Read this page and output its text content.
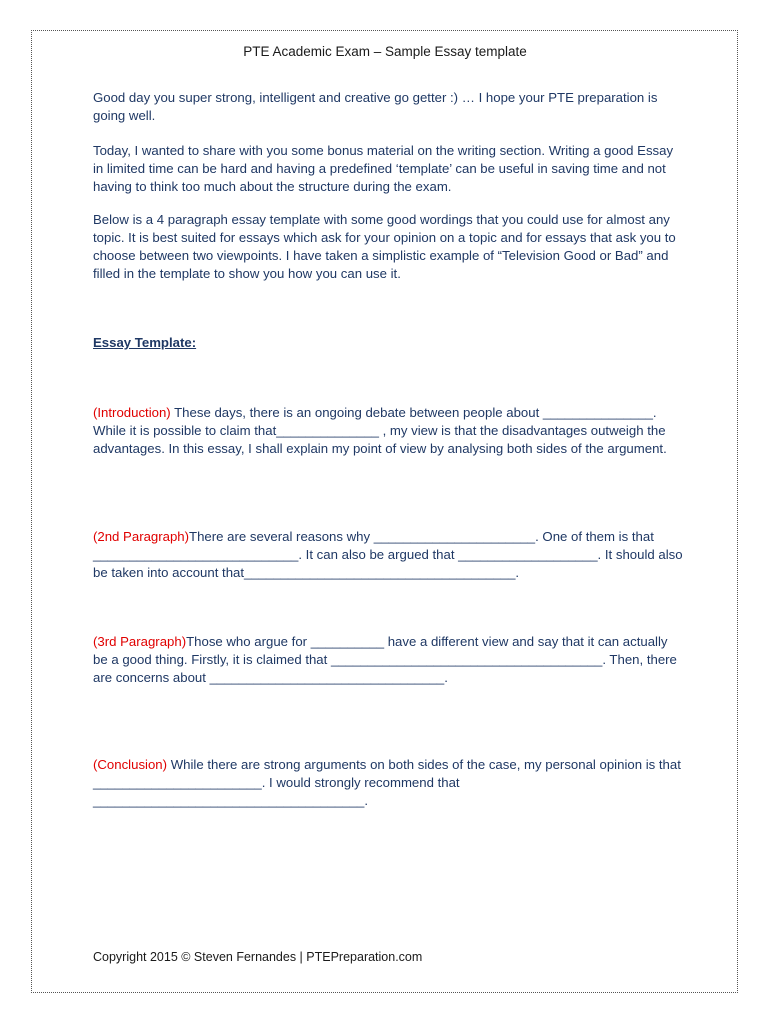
PTE Academic Exam – Sample Essay template

Good day you super strong, intelligent and creative go getter :) … I hope your PTE preparation is going well.

Today, I wanted to share with you some bonus material on the writing section. Writing a good Essay in limited time can be hard and having a predefined ‘template’ can be useful in saving time and not having to think too much about the structure during the exam.

Below is a 4 paragraph essay template with some good wordings that you could use for almost any topic. It is best suited for essays which ask for your opinion on a topic and for essays that ask you to choose between two viewpoints. I have taken a simplistic example of “Television Good or Bad” and filled in the template to show you how you can use it.

Essay Template:

(Introduction) These days, there is an ongoing debate between people about _______________. While it is possible to claim that______________ , my view is that the disadvantages outweigh the advantages. In this essay, I shall explain my point of view by analysing both sides of the argument.

(2nd Paragraph)There are several reasons why ______________________. One of them is that ____________________________. It can also be argued that ___________________. It should also be taken into account that_____________________________________.

(3rd Paragraph)Those who argue for __________ have a different view and say that it can actually be a good thing. Firstly, it is claimed that _____________________________________. Then, there are concerns about ________________________________.

(Conclusion) While there are strong arguments on both sides of the case, my personal opinion is that _______________________. I would strongly recommend that _____________________________________.

Copyright 2015 © Steven Fernandes | PTEPreparation.com
